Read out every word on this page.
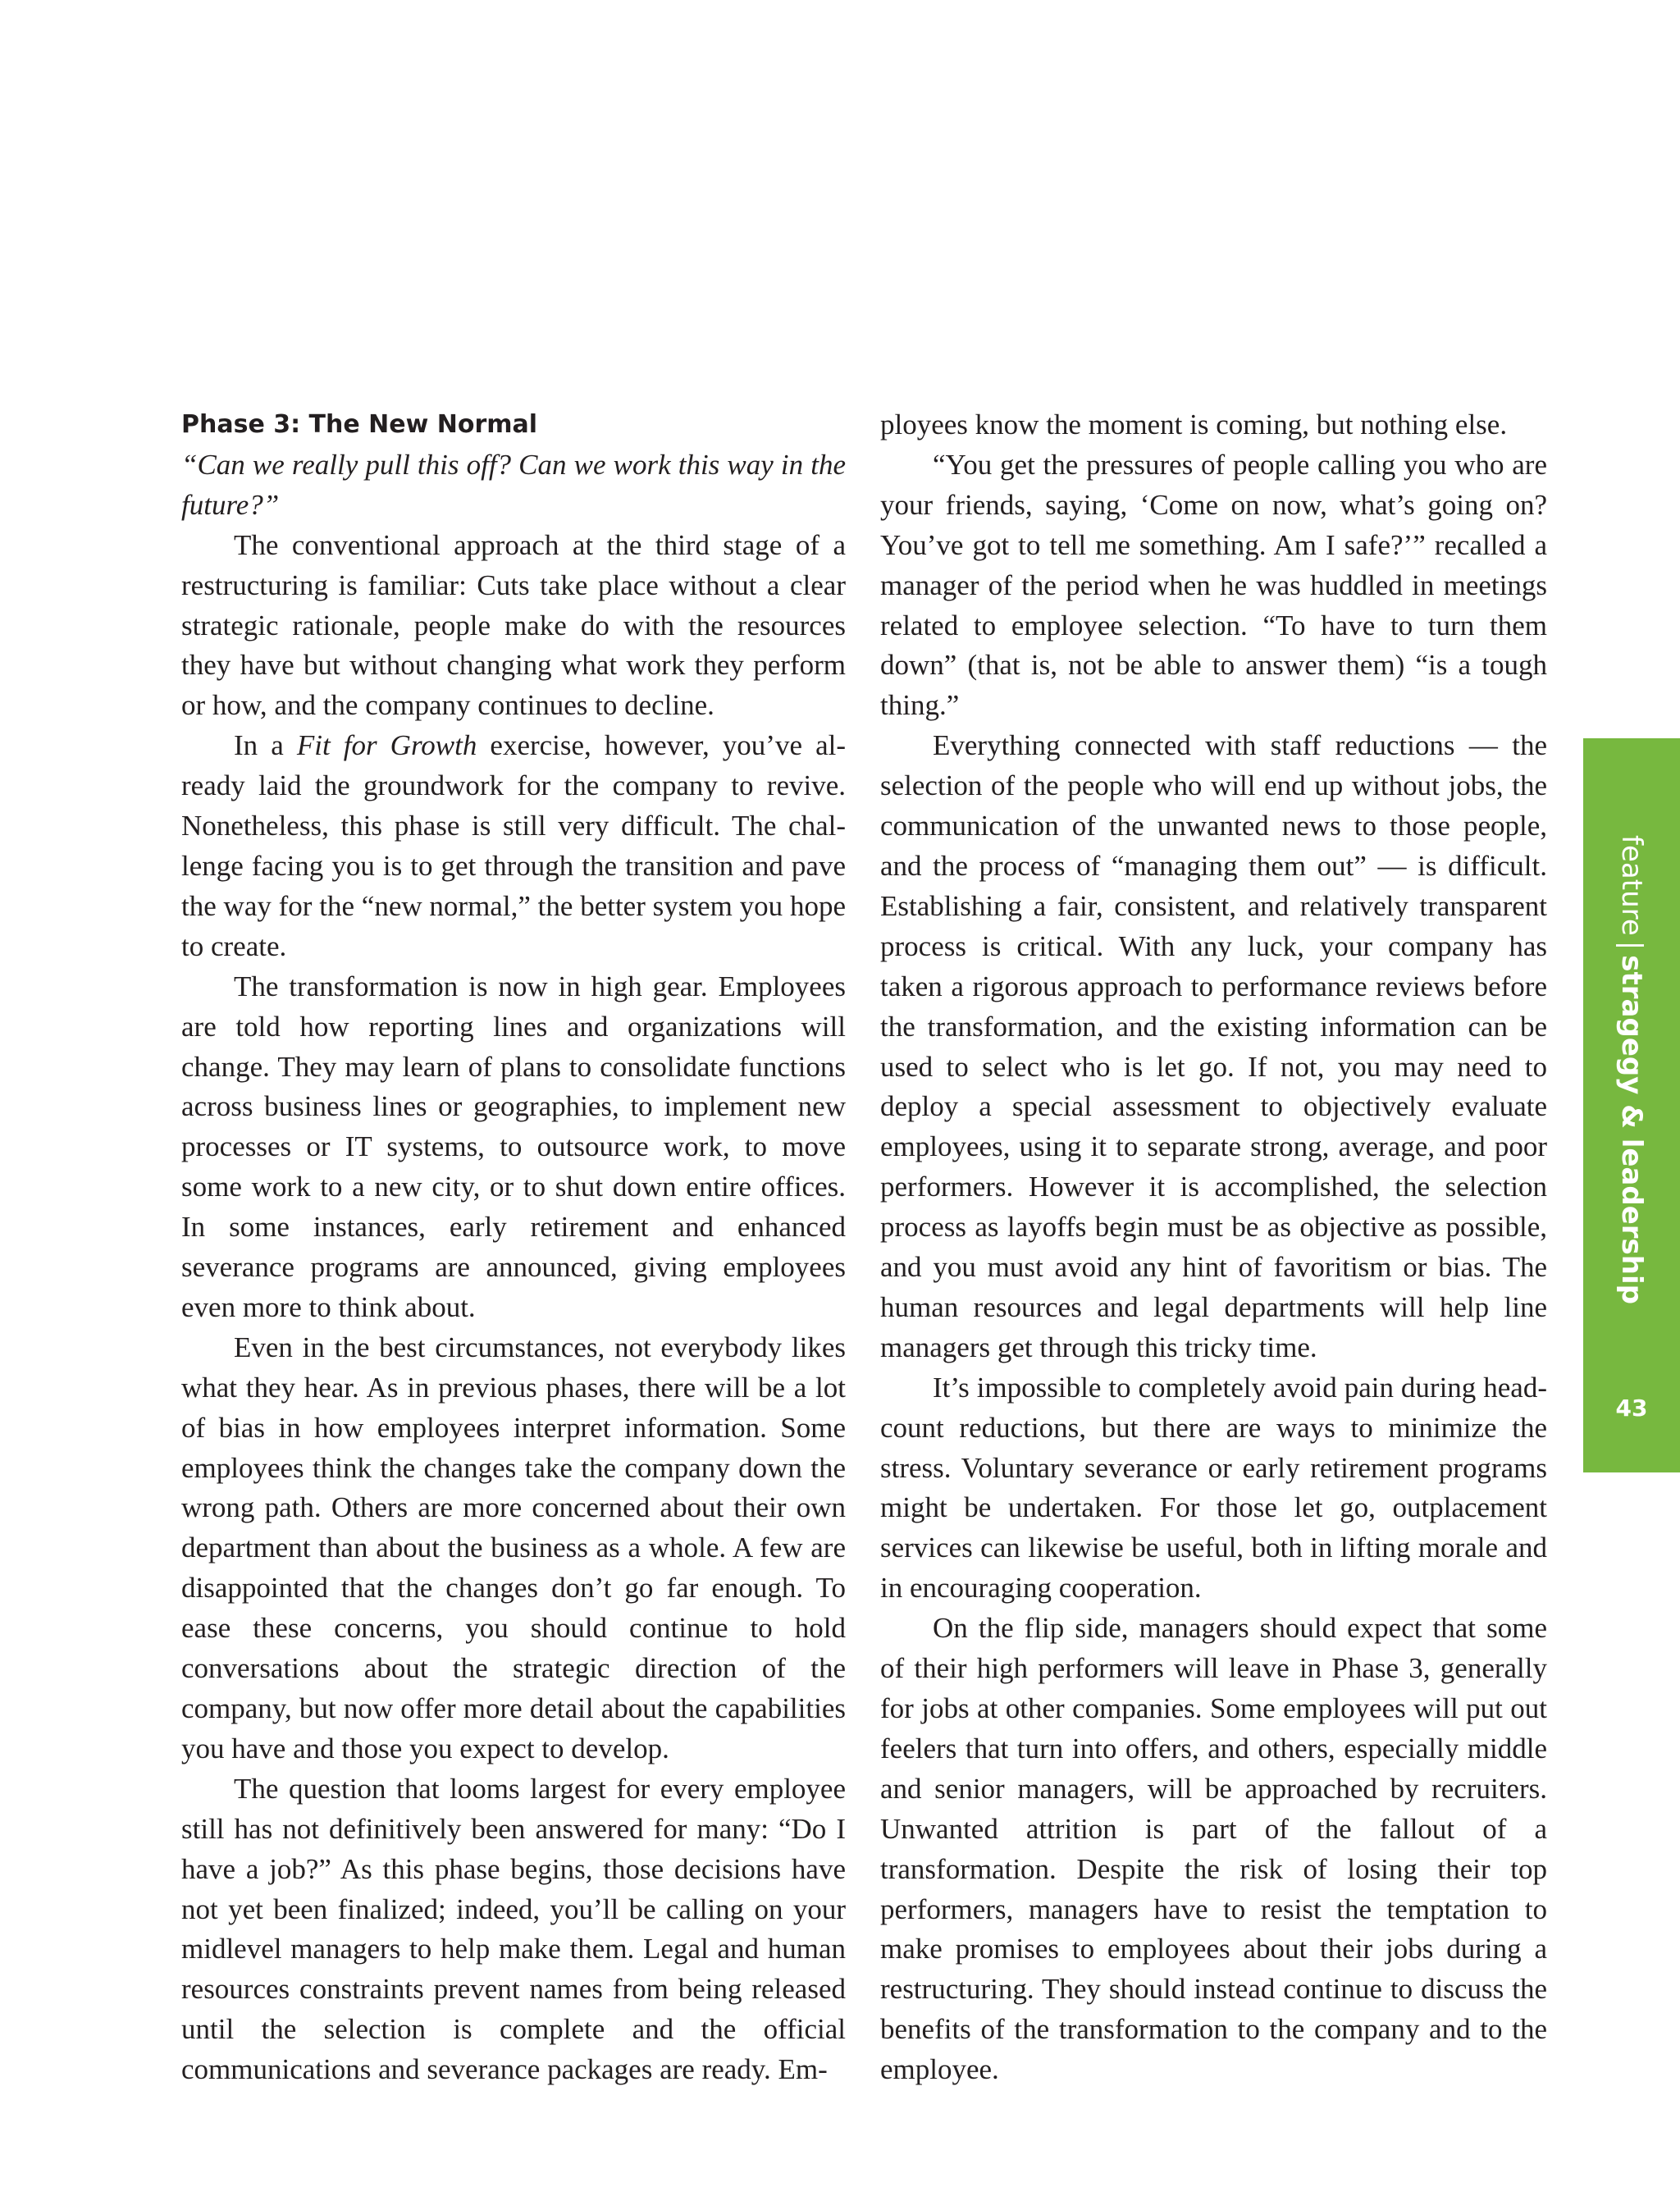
Phase 3: The New Normal

“Can we really pull this off? Can we work this way in the future?”

The conventional approach at the third stage of a restructuring is familiar: Cuts take place without a clear strategic rationale, people make do with the resources they have but without changing what work they perform or how, and the company continues to decline.

In a Fit for Growth exercise, however, you’ve already laid the groundwork for the company to revive. Nonetheless, this phase is still very difficult. The challenge facing you is to get through the transition and pave the way for the “new normal,” the better system you hope to create.

The transformation is now in high gear. Employees are told how reporting lines and organizations will change. They may learn of plans to consolidate functions across business lines or geographies, to implement new processes or IT systems, to outsource work, to move some work to a new city, or to shut down entire offices. In some instances, early retirement and enhanced severance programs are announced, giving employees even more to think about.

Even in the best circumstances, not everybody likes what they hear. As in previous phases, there will be a lot of bias in how employees interpret information. Some employees think the changes take the company down the wrong path. Others are more concerned about their own department than about the business as a whole. A few are disappointed that the changes don’t go far enough. To ease these concerns, you should continue to hold conversations about the strategic direction of the company, but now offer more detail about the capabilities you have and those you expect to develop.

The question that looms largest for every employee still has not definitively been answered for many: “Do I have a job?” As this phase begins, those decisions have not yet been finalized; indeed, you’ll be calling on your midlevel managers to help make them. Legal and human resources constraints prevent names from being released until the selection is complete and the official communications and severance packages are ready. Em-

ployees know the moment is coming, but nothing else.

“You get the pressures of people calling you who are your friends, saying, ‘Come on now, what’s going on? You’ve got to tell me something. Am I safe?’” recalled a manager of the period when he was huddled in meetings related to employee selection. “To have to turn them down” (that is, not be able to answer them) “is a tough thing.”

Everything connected with staff reductions — the selection of the people who will end up without jobs, the communication of the unwanted news to those people, and the process of “managing them out” — is difficult. Establishing a fair, consistent, and relatively transparent process is critical. With any luck, your company has taken a rigorous approach to performance reviews before the transformation, and the existing information can be used to select who is let go. If not, you may need to deploy a special assessment to objectively evaluate employees, using it to separate strong, average, and poor performers. However it is accomplished, the selection process as layoffs begin must be as objective as possible, and you must avoid any hint of favoritism or bias. The human resources and legal departments will help line managers get through this tricky time.

It’s impossible to completely avoid pain during head-count reductions, but there are ways to minimize the stress. Voluntary severance or early retirement programs might be undertaken. For those let go, outplacement services can likewise be useful, both in lifting morale and in encouraging cooperation.

On the flip side, managers should expect that some of their high performers will leave in Phase 3, generally for jobs at other companies. Some employees will put out feelers that turn into offers, and others, especially middle and senior managers, will be approached by recruiters. Unwanted attrition is part of the fallout of a transformation. Despite the risk of losing their top performers, managers have to resist the temptation to make promises to employees about their jobs during a restructuring. They should instead continue to discuss the benefits of the transformation to the company and to the employee.

feature|stragegy & leadership
43
